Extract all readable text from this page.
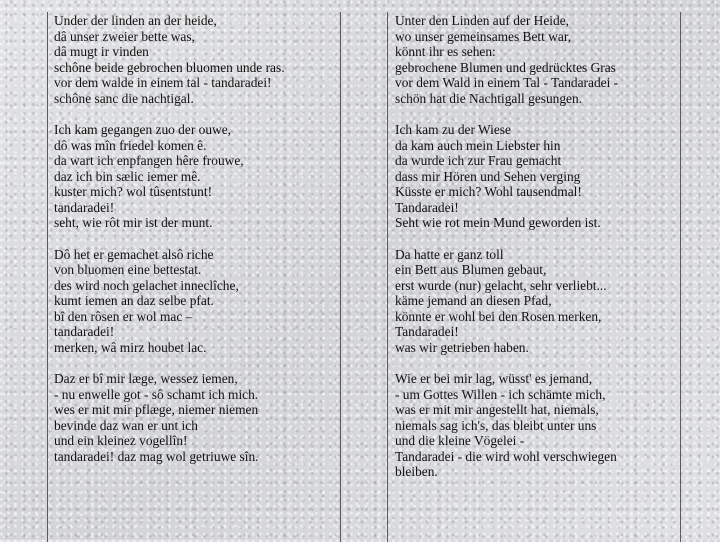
Under der linden an der heide,
dâ unser zweier bette was,
dâ mugt ir vinden
schône beide gebrochen bluomen unde ras.
vor dem walde in einem tal - tandaradei!
schône sanc die nachtigal.
Ich kam gegangen zuo der ouwe,
dô was mîn friedel komen ê.
da wart ich enpfangen hêre frouwe,
daz ich bin sælic iemer mê.
kuster mich? wol tûsentstunt!
tandaradei!
seht, wie rôt mir ist der munt.
Dô het er gemachet alsô riche
von bluomen eine bettestat.
des wird noch gelachet inneclîche,
kumt iemen an daz selbe pfat.
bî den rôsen er wol mac –
tandaradei!
merken, wâ mirz houbet lac.
Daz er bî mir læge, wessez iemen,
- nu enwelle got - sô schamt ich mich.
wes er mit mir pflæge, niemer niemen
bevinde daz wan er unt ich
und ein kleinez vogellîn!
tandaradei! daz mag wol getriuwe sîn.
Unter den Linden auf der Heide,
wo unser gemeinsames Bett war,
könnt ihr es sehen:
gebrochene Blumen und gedrücktes Gras
vor dem Wald in einem Tal - Tandaradei -
schön hat die Nachtigall gesungen.
Ich kam zu der Wiese
da kam auch mein Liebster hin
da wurde ich zur Frau gemacht
dass mir Hören und Sehen verging
Küsste er mich? Wohl tausendmal!
Tandaradei!
Seht wie rot mein Mund geworden ist.
Da hatte er ganz toll
ein Bett aus Blumen gebaut,
erst wurde (nur) gelacht, sehr verliebt...
käme jemand an diesen Pfad,
könnte er wohl bei den Rosen merken,
Tandaradei!
was wir getrieben haben.
Wie er bei mir lag, wüsst' es jemand,
- um Gottes Willen - ich schämte mich,
was er mit mir angestellt hat, niemals,
niemals sag ich's, das bleibt unter uns
und die kleine Vögelei -
Tandaradei - die wird wohl verschwiegen
bleiben.
